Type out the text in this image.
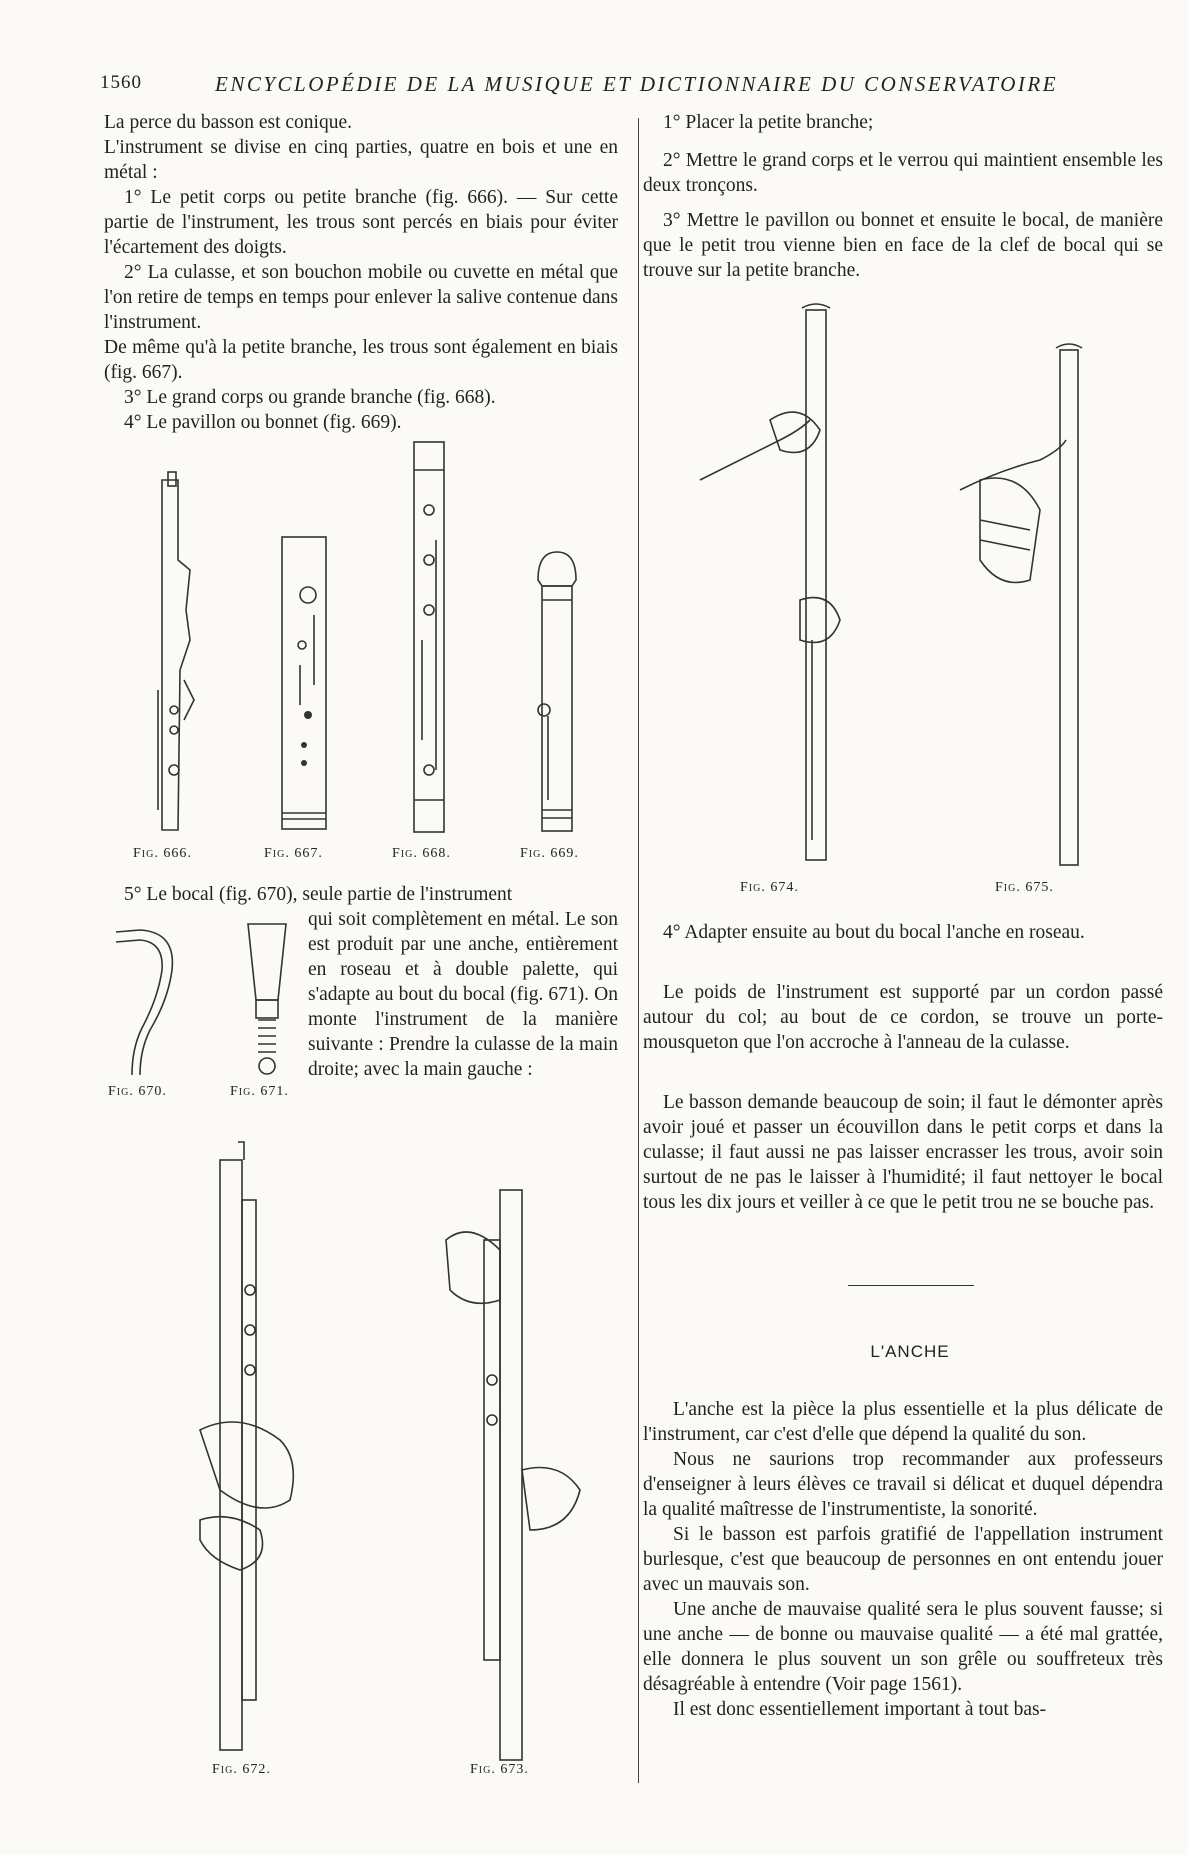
1560	ENCYCLOPÉDIE DE LA MUSIQUE ET DICTIONNAIRE DU CONSERVATOIRE

La perce du basson est conique.

L'instrument se divise en cinq parties, quatre en bois et une en métal :

1° Le petit corps ou petite branche (fig. 666). — Sur cette partie de l'instrument, les trous sont percés en biais pour éviter l'écartement des doigts.

2° La culasse, et son bouchon mobile ou cuvette en métal que l'on retire de temps en temps pour enlever la salive contenue dans l'instrument.

De même qu'à la petite branche, les trous sont également en biais (fig. 667).

3° Le grand corps ou grande branche (fig. 668).

4° Le pavillon ou bonnet (fig. 669).

Fig. 666.	Fig. 667.	Fig. 668.	Fig. 669.

5° Le bocal (fig. 670), seule partie de l'instrument

qui soit complètement en métal. Le son est produit par une anche, entièrement en roseau et à double palette, qui s'adapte au bout du bocal (fig. 671). On monte l'instrument de la manière suivante : Prendre la culasse de la main droite; avec la main gauche :

Fig. 670.	Fig. 671.
Fig. 672.	Fig. 673.

1° Placer la petite branche;

2° Mettre le grand corps et le verrou qui maintient ensemble les deux tronçons.

3° Mettre le pavillon ou bonnet et ensuite le bocal, de manière que le petit trou vienne bien en face de la clef de bocal qui se trouve sur la petite branche.

Fig. 674.	Fig. 675.

4° Adapter ensuite au bout du bocal l'anche en roseau.

Le poids de l'instrument est supporté par un cordon passé autour du col; au bout de ce cordon, se trouve un porte-mousqueton que l'on accroche à l'anneau de la culasse.

Le basson demande beaucoup de soin; il faut le démonter après avoir joué et passer un écouvillon dans le petit corps et dans la culasse; il faut aussi ne pas laisser encrasser les trous, avoir soin surtout de ne pas le laisser à l'humidité; il faut nettoyer le bocal tous les dix jours et veiller à ce que le petit trou ne se bouche pas.

L'ANCHE

L'anche est la pièce la plus essentielle et la plus délicate de l'instrument, car c'est d'elle que dépend la qualité du son.

Nous ne saurions trop recommander aux professeurs d'enseigner à leurs élèves ce travail si délicat et duquel dépendra la qualité maîtresse de l'instrumentiste, la sonorité.

Si le basson est parfois gratifié de l'appellation instrument burlesque, c'est que beaucoup de personnes en ont entendu jouer avec un mauvais son.

Une anche de mauvaise qualité sera le plus souvent fausse; si une anche — de bonne ou mauvaise qualité — a été mal grattée, elle donnera le plus souvent un son grêle ou souffreteux très désagréable à entendre (Voir page 1561).

Il est donc essentiellement important à tout bas-
